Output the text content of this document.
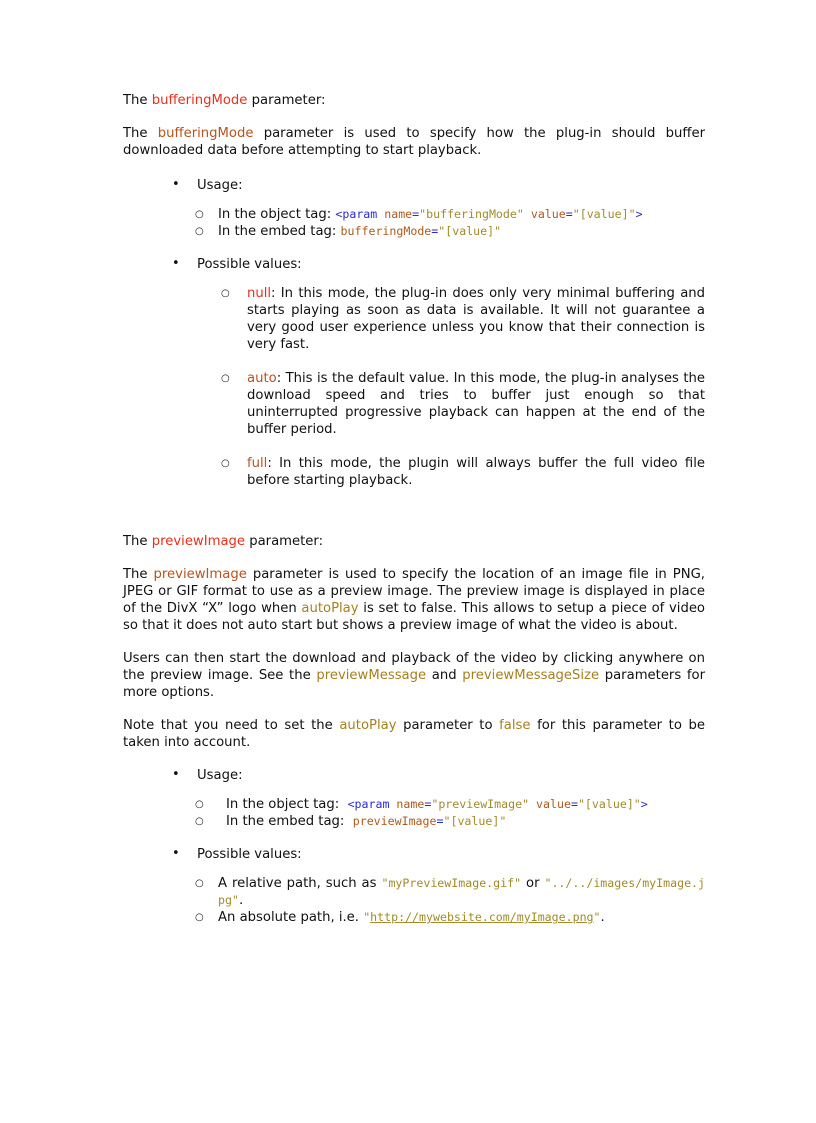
The bufferingMode parameter:

The bufferingMode parameter is used to specify how the plug-in should buffer downloaded data before attempting to start playback.

• Usage:
○ In the object tag: <param name="bufferingMode" value="[value]">
○ In the embed tag: bufferingMode="[value]"
• Possible values:
○ null: In this mode, the plug-in does only very minimal buffering and starts playing as soon as data is available. It will not guarantee a very good user experience unless you know that their connection is very fast.
○ auto: This is the default value. In this mode, the plug-in analyses the download speed and tries to buffer just enough so that uninterrupted progressive playback can happen at the end of the buffer period.
○ full: In this mode, the plugin will always buffer the full video file before starting playback.

The previewImage parameter:

The previewImage parameter is used to specify the location of an image file in PNG, JPEG or GIF format to use as a preview image. The preview image is displayed in place of the DivX “X” logo when autoPlay is set to false. This allows to setup a piece of video so that it does not auto start but shows a preview image of what the video is about.

Users can then start the download and playback of the video by clicking anywhere on the preview image. See the previewMessage and previewMessageSize parameters for more options.

Note that you need to set the autoPlay parameter to false for this parameter to be taken into account.

• Usage:
○ In the object tag:  <param name="previewImage" value="[value]">
○ In the embed tag:  previewImage="[value]"
• Possible values:
○ A relative path, such as "myPreviewImage.gif" or "../../images/myImage.jpg".
○ An absolute path, i.e. "http://mywebsite.com/myImage.png".
